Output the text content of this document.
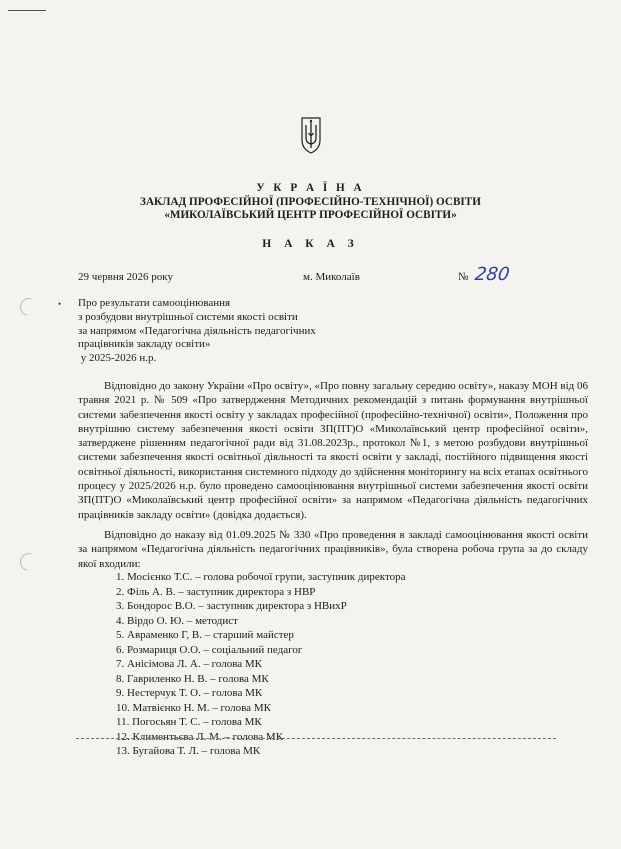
У К Р А Ї Н А
ЗАКЛАД ПРОФЕСІЙНОЇ (ПРОФЕСІЙНО-ТЕХНІЧНОЇ) ОСВІТИ
«МИКОЛАЇВСЬКИЙ ЦЕНТР ПРОФЕСІЙНОЇ ОСВІТИ»
Н А К А З
29 червня 2026 року	м. Миколаїв	№ 280
• Про результати самооцінювання
з розбудови внутрішньої системи якості освіти
за напрямом «Педагогічна діяльність педагогічних
працівників закладу освіти»
у 2025-2026 н.р.

Відповідно до закону України «Про освіту», «Про повну загальну середню освіту», наказу МОН від 06 травня 2021 р. № 509 «Про затвердження Методичних рекомендацій з питань формування внутрішньої системи забезпечення якості освіту у закладах професійної (професійно-технічної) освіти», Положення про внутрішню систему забезпечення якості освіти ЗП(ПТ)О «Миколаївський центр професійної освіти», затверджене рішенням педагогічної ради від 31.08.2023р., протокол №1, з метою розбудови внутрішньої системи забезпечення якості освітньої діяльності та якості освіти у закладі, постійного підвищення якості освітньої діяльності, використання системного підходу до здійснення моніторингу на всіх етапах освітнього процесу у 2025/2026 н.р. було проведено самооцінювання внутрішньої системи забезпечення якості освіти ЗП(ПТ)О «Миколаївський центр професійної освіти» за напрямом «Педагогічна діяльність педагогічних працівників закладу освіти» (довідка додається).

Відповідно до наказу від 01.09.2025 № 330 «Про проведення в закладі самооцінювання якості освіти за напрямом «Педагогічна діяльність педагогічних працівників», була створена робоча група за до складу якої входили:

1. Мосієнко Т.С. – голова робочої групи, заступник директора
2. Філь А. В. – заступник директора з НВР
3. Бондорос В.О. – заступник директора з НВихР
4. Вірдо О. Ю. – методист
5. Авраменко Г, В. – старший майстер
6. Розмариця О.О. – соціальний педагог
7. Анісімова Л. А. – голова МК
8. Гавриленко Н. В. – голова МК
9. Нестерчук Т. О. – голова МК
10. Матвієнко Н. М. – голова МК
11. Погосьян Т. С. – голова МК
12. Климентьєва Л. М. – голова МК
13. Бугайова Т. Л. – голова МК
